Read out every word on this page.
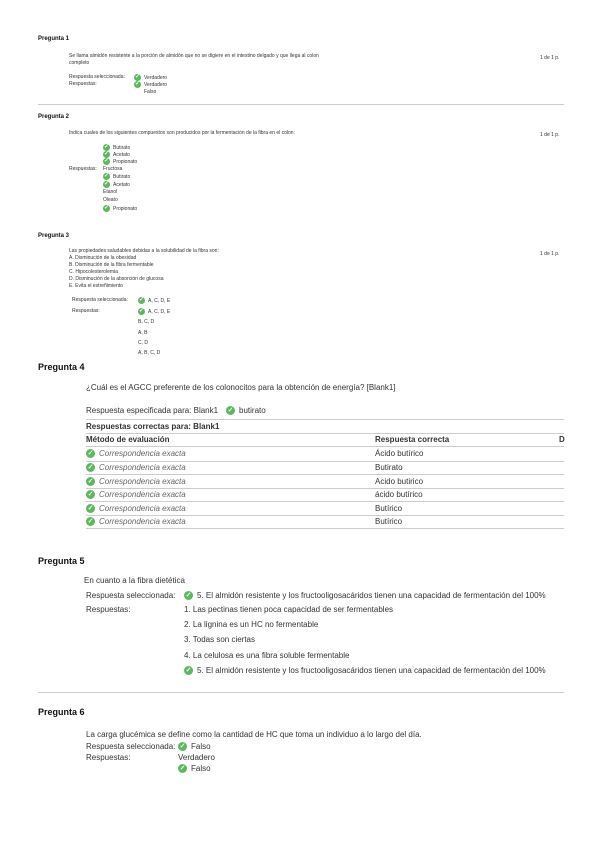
Pregunta 1
Se llama almidón resistente a la porción de almidón que no se digiere en el intestino delgado y que llega al colon
completo
1 de 1 p.
Respuesta seleccionada: ✓ Verdadero
Respuestas:	✓ Verdadero
Falso
Pregunta 2
Indica cuales de los siguientes compuestos son producidos por la fermentación de la fibra en el colon:	1 de 1 p.
✓ Butirato
✓ Acetato
✓ Propionato
Respuestas: Fructosa
✓ Butirato
✓ Acetato
Etanol
Oleato
✓ Propionato
Pregunta 3
Las propiedades saludables debidas a la solubilidad de la fibra son:	1 de 1 p.
A. Disminución de la obesidad
B. Disminución de la fibra fermentable
C. Hipocolesterolemia
D. Disminución de la absorción de glucosa
E. Evita el estreñimiento
Respuesta seleccionada: ✓ A, C, D, E
Respuestas:	✓ A, C, D, E
B, C, D
A, B
C, D
A, B, C, D
Pregunta 4
¿Cuál es el AGCC preferente de los colonocitos para la obtención de energía? [Blank1]
Respuesta especificada para: Blank1 ✓ butirato
Respuestas correctas para: Blank1
Método de evaluación	Respuesta correcta	D
✓ Correspondencia exacta	Ácido butírico
✓ Correspondencia exacta	Butirato
✓ Correspondencia exacta	Acido butirico
✓ Correspondencia exacta	ácido butírico
✓ Correspondencia exacta	Butírico
✓ Correspondencia exacta	Butírico
Pregunta 5
En cuanto a la fibra dietética
Respuesta seleccionada: ✓ 5. El almidón resistente y los fructooligosacáridos tienen una capacidad de fermentación del 100%
Respuestas:	1. Las pectinas tienen poca capacidad de ser fermentables
2. La lignina es un HC no fermentable
3. Todas son ciertas
4. La celulosa es una fibra soluble fermentable
✓ 5. El almidón resistente y los fructooligosacáridos tienen una capacidad de fermentación del 100%
Pregunta 6
La carga glucémica se define como la cantidad de HC que toma un individuo a lo largo del día.
Respuesta seleccionada: ✓ Falso
Respuestas:	Verdadero
✓ Falso
